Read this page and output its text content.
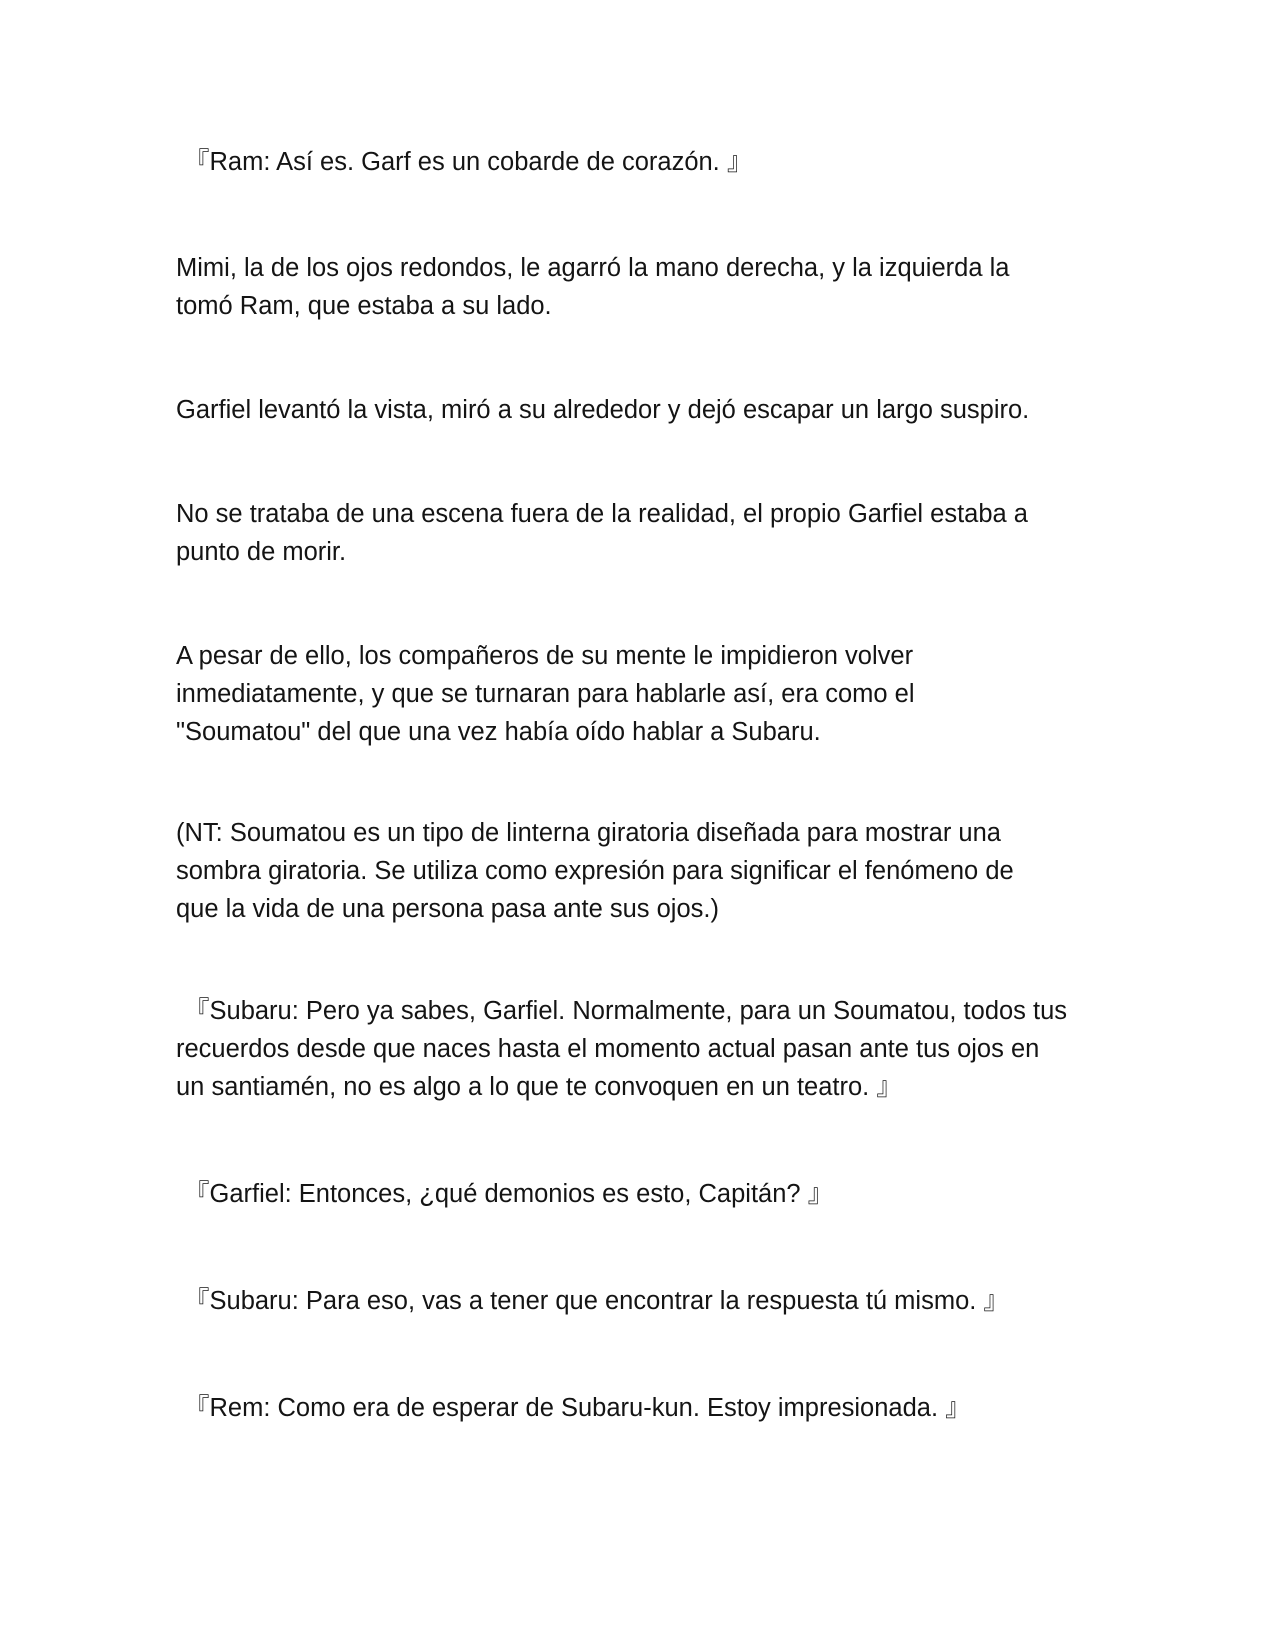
『Ram: Así es. Garf es un cobarde de corazón. 』

Mimi, la de los ojos redondos, le agarró la mano derecha, y la izquierda la
tomó Ram, que estaba a su lado.

Garfiel levantó la vista, miró a su alrededor y dejó escapar un largo suspiro.

No se trataba de una escena fuera de la realidad, el propio Garfiel estaba a
punto de morir.

A pesar de ello, los compañeros de su mente le impidieron volver
inmediatamente, y que se turnaran para hablarle así, era como el
"Soumatou" del que una vez había oído hablar a Subaru.

(NT: Soumatou es un tipo de linterna giratoria diseñada para mostrar una
sombra giratoria. Se utiliza como expresión para significar el fenómeno de
que la vida de una persona pasa ante sus ojos.)

『Subaru: Pero ya sabes, Garfiel. Normalmente, para un Soumatou, todos tus
recuerdos desde que naces hasta el momento actual pasan ante tus ojos en
un santiamén, no es algo a lo que te convoquen en un teatro. 』

『Garfiel: Entonces, ¿qué demonios es esto, Capitán? 』

『Subaru: Para eso, vas a tener que encontrar la respuesta tú mismo. 』

『Rem: Como era de esperar de Subaru-kun. Estoy impresionada. 』
